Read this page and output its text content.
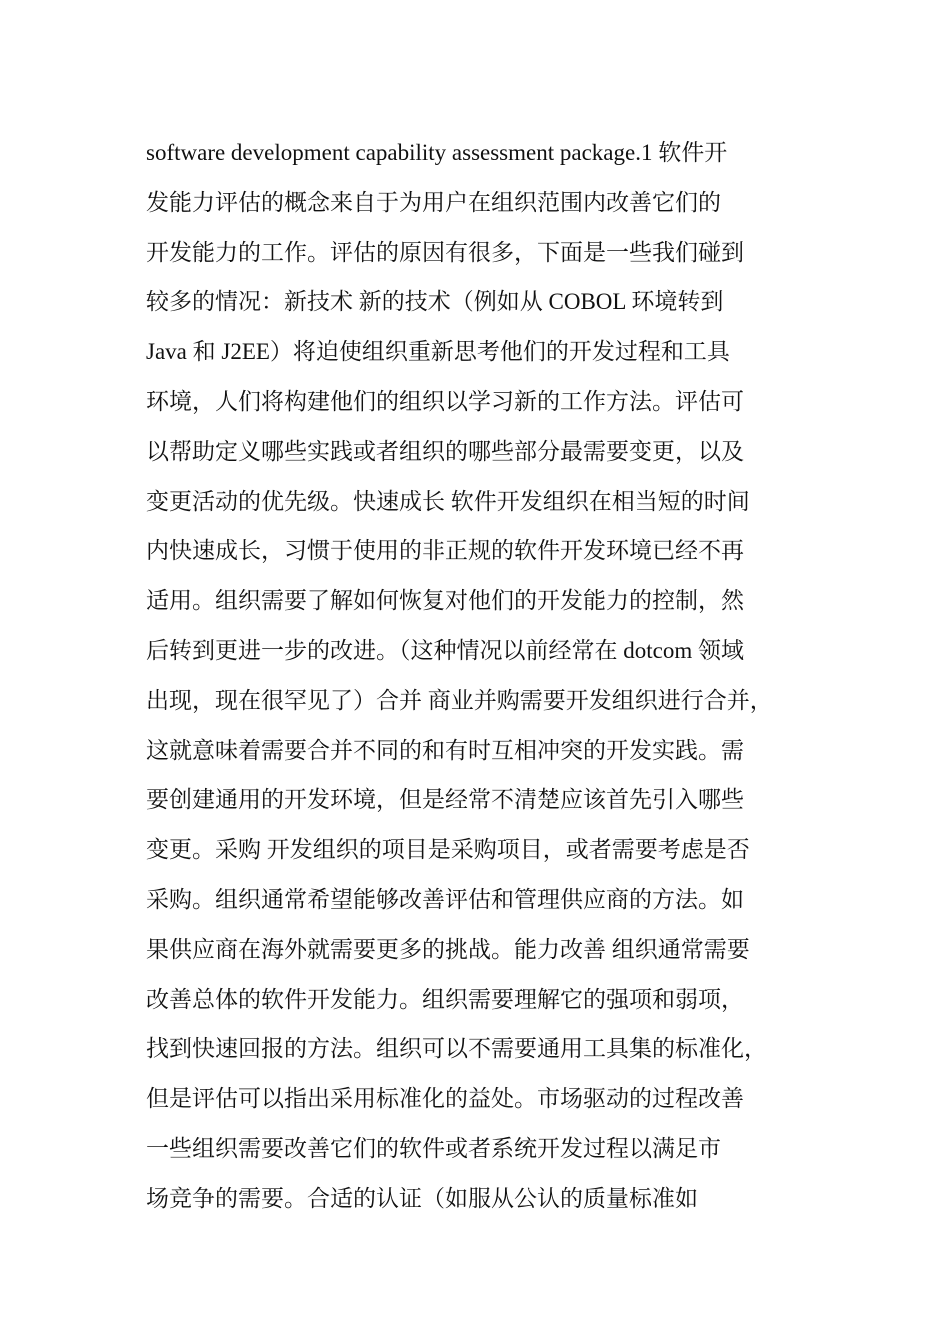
software development capability assessment package.1 软件开
发能力评估的概念来自于为用户在组织范围内改善它们的
开发能力的工作。评估的原因有很多，下面是一些我们碰到
较多的情况：新技术 新的技术（例如从 COBOL 环境转到
Java 和 J2EE）将迫使组织重新思考他们的开发过程和工具
环境，人们将构建他们的组织以学习新的工作方法。评估可
以帮助定义哪些实践或者组织的哪些部分最需要变更，以及
变更活动的优先级。快速成长 软件开发组织在相当短的时间
内快速成长，习惯于使用的非正规的软件开发环境已经不再
适用。组织需要了解如何恢复对他们的开发能力的控制，然
后转到更进一步的改进。（这种情况以前经常在 dotcom 领域
出现，现在很罕见了）合并 商业并购需要开发组织进行合并，
这就意味着需要合并不同的和有时互相冲突的开发实践。需
要创建通用的开发环境，但是经常不清楚应该首先引入哪些
变更。采购 开发组织的项目是采购项目，或者需要考虑是否
采购。组织通常希望能够改善评估和管理供应商的方法。如
果供应商在海外就需要更多的挑战。能力改善 组织通常需要
改善总体的软件开发能力。组织需要理解它的强项和弱项，
找到快速回报的方法。组织可以不需要通用工具集的标准化，
但是评估可以指出采用标准化的益处。市场驱动的过程改善
一些组织需要改善它们的软件或者系统开发过程以满足市
场竞争的需要。合适的认证（如服从公认的质量标准如
